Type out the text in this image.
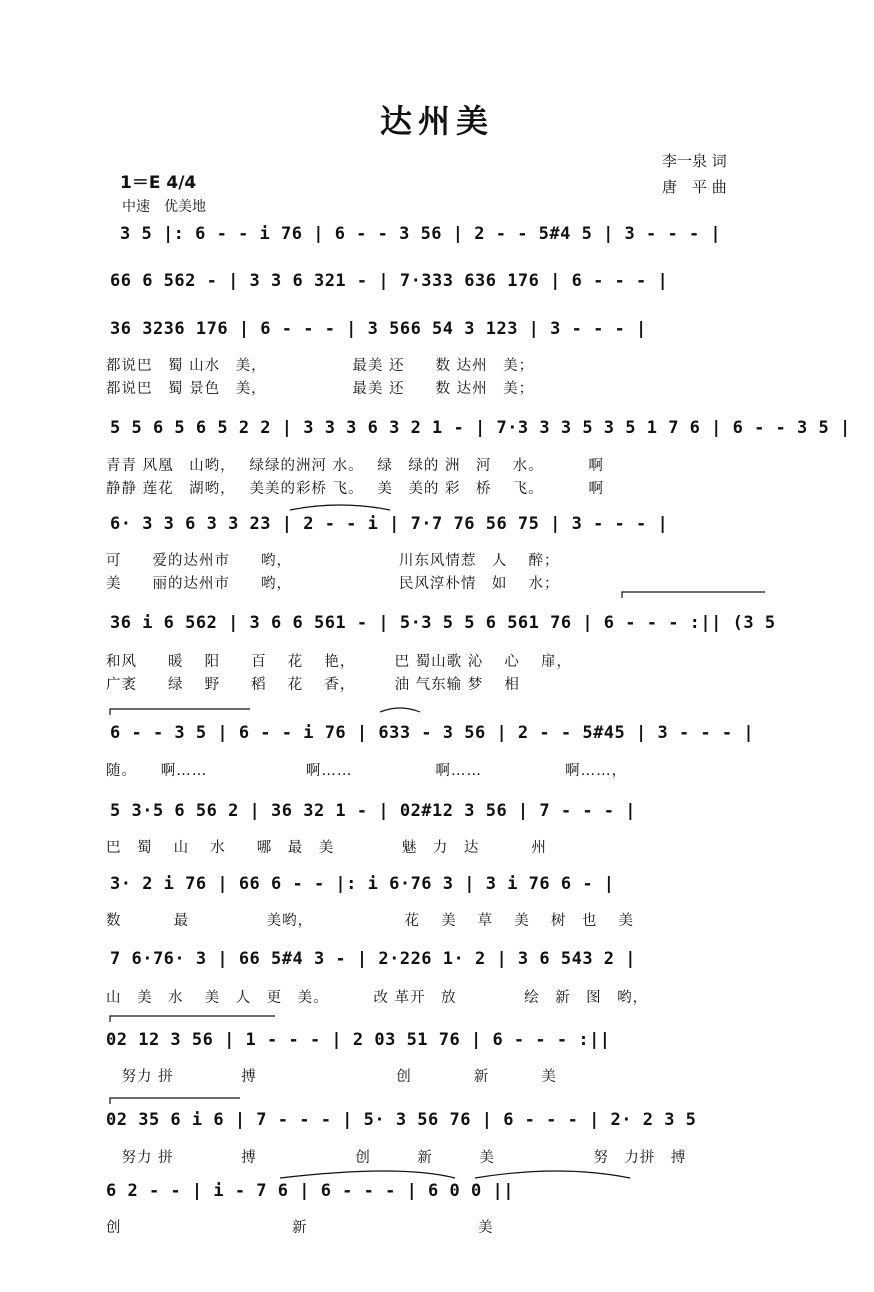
达州美
李一泉 词
唐　平 曲
1＝E 4/4
中速　优美地
3 5 |: 6 - - i 76 | 6 - - 3 56 | 2 - - 5#4 5 | 3 - - - |
66 6 562 - | 3 3 6 321 - | 7·333 636 176 | 6 - - - |
36 3236 176 | 6 - - - | 3 566 54 3 123 | 3 - - - |
都说巴　蜀 山水　美，　　　　　　最美 还　　数 达州　美；
都说巴　蜀 景色　美，　　　　　　最美 还　　数 达州　美；
5 5 6 5 6 5 2 2 | 3 3 3 6 3 2 1 - | 7·3 3 3 5 3 5 1 7 6 | 6 - - 3 5 |
青青 风凰　山哟，　 绿绿的洲河 水。　 绿　绿的 洲　河　 水。　　　 啊
静静 莲花　湖哟，　 美美的彩桥 飞。　 美　美的 彩　桥　 飞。　　　 啊
6· 3 3 6 3 3 23 | 2 - - i | 7·7 76 56 75 | 3 - - - |
可　　爱的达州市　　哟，　　　　　　　 川东风情惹　人　 醉；
美　　丽的达州市　　哟，　　　　　　　 民风淳朴情　如　 水；
36 i 6 562 | 3 6 6 561 - | 5·3 5 5 6 561 76 | 6 - - - :|| (3 5
和风　　暖　 阳　　百　 花　 艳，　　　巴 蜀山歌 沁　 心　 扉，
广袤　　绿　 野　　稻　 花　 香，　　　油 气东输 梦　 相
6 - - 3 5 | 6 - - i 76 | 633 - 3 56 | 2 - - 5#45 | 3 - - - |
随。　　啊……　　　　　　 啊……　　　　　 啊……　　　　　 啊……，
5 3·5 6 56 2 | 36 32 1 - | 02#12 3 56 | 7 - - - |
巴　蜀　 山　 水　　哪　最　美　　　　 魅　力　达　　　 州
3· 2 i 76 | 66 6 - - |: i 6·76 3 | 3 i 76 6 - |
数　　　 最　　　　　美哟，　　　　　　 花　 美　 草　 美　 树　也　 美
7 6·76· 3 | 66 5#4 3 - | 2·226 1· 2 | 3 6 543 2 |
山　美　水　 美　人　更　美。　　　 改 革开　放　　　　 绘　新　图　哟，
02 12 3 56 | 1 - - - | 2 03 51 76 | 6 - - - :||
　努力 拼　　　　 搏　　　　　　　　　创　　　　新　　　 美
02 35 6 i 6 | 7 - - - | 5· 3 56 76 | 6 - - - | 2· 2 3 5
　努力 拼　　　　 搏　　　　　　 创　　　新　　　美　　　　　　 努　力拼　搏
6 2 - - | i - 7 6 | 6 - - - | 6 0 0 ||
创　　　　　　　　　　　新　　　　　　　　　　　美
